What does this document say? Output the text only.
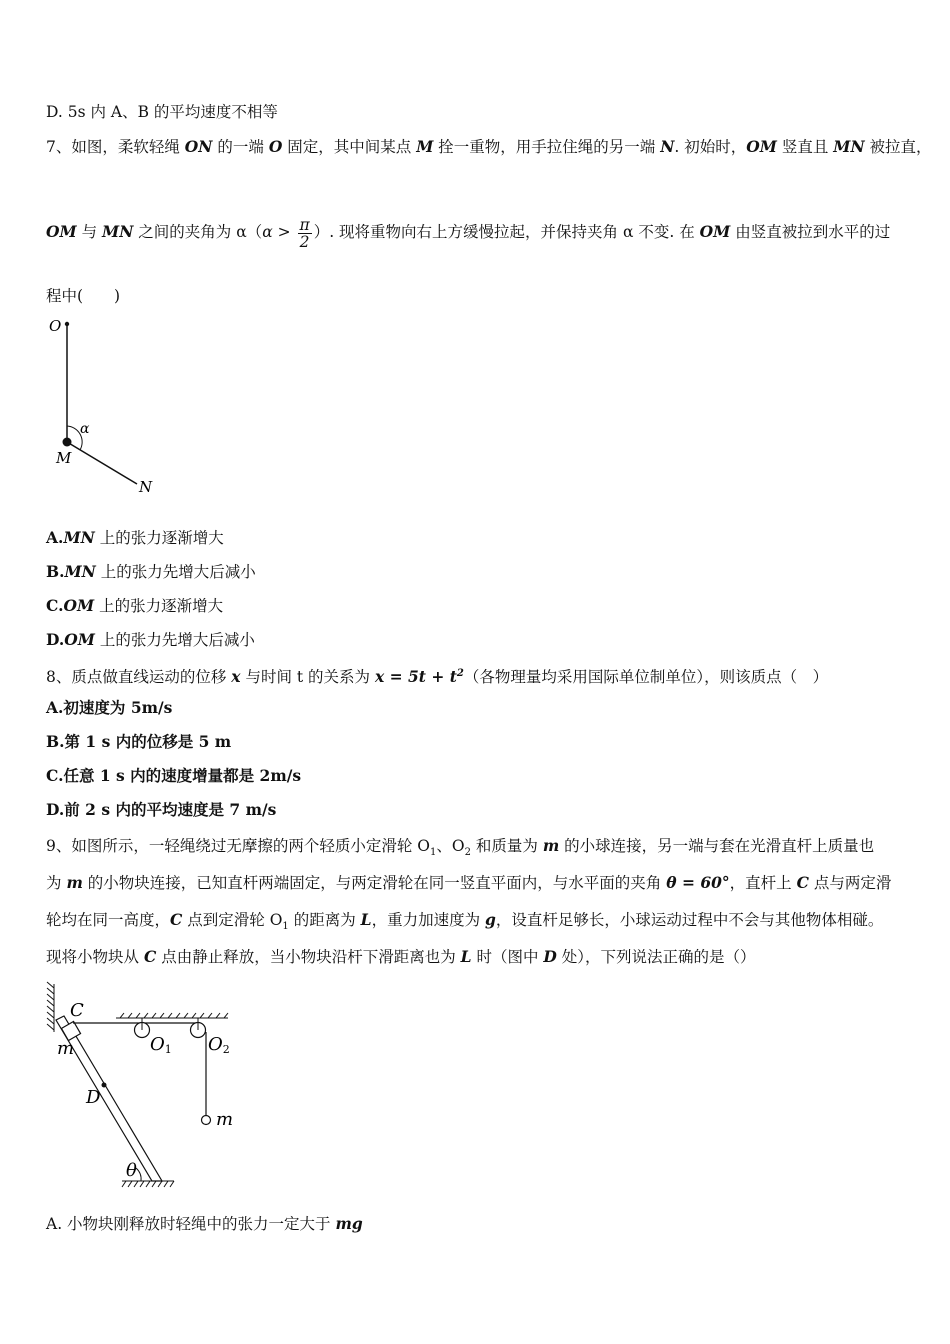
D. 5s 内 A、B 的平均速度不相等
7、如图，柔软轻绳 ON 的一端 O 固定，其中间某点 M 拴一重物，用手拉住绳的另一端 N. 初始时，OM 竖直且 MN 被拉直，
OM 与 MN 之间的夹角为 $\alpha(\alpha > \frac{\pi}{2}$ ）. 现将重物向右上方缓慢拉起，并保持夹角 α 不变. 在 OM 由竖直被拉到水平的过
程中(　　)
O
M
N
α
A.MN 上的张力逐渐增大
B.MN 上的张力先增大后减小
C.OM 上的张力逐渐增大
D.OM 上的张力先增大后减小
8、质点做直线运动的位移 x 与时间 t 的关系为 $x = 5t + t^2$（各物理量均采用国际单位制单位），则该质点（　）
A.初速度为 5m/s
B.第 1 s 内的位移是 5 m
C.任意 1 s 内的速度增量都是 2m/s
D.前 2 s 内的平均速度是 7 m/s
9、如图所示，一轻绳绕过无摩擦的两个轻质小定滑轮 $O_1$、$O_2$ 和质量为 m 的小球连接，另一端与套在光滑直杆上质量也
为 m 的小物块连接，已知直杆两端固定，与两定滑轮在同一竖直平面内，与水平面的夹角 θ = 60°，直杆上 C 点与两定滑
轮均在同一高度，C 点到定滑轮 $O_1$ 的距离为 L，重力加速度为 g，设直杆足够长，小球运动过程中不会与其他物体相碰。
现将小物块从 C 点由静止释放，当小物块沿杆下滑距离也为 L 时（图中 D 处），下列说法正确的是（）
C
m	O1 O2
D
m
θ
A. 小物块刚释放时轻绳中的张力一定大于 mg
